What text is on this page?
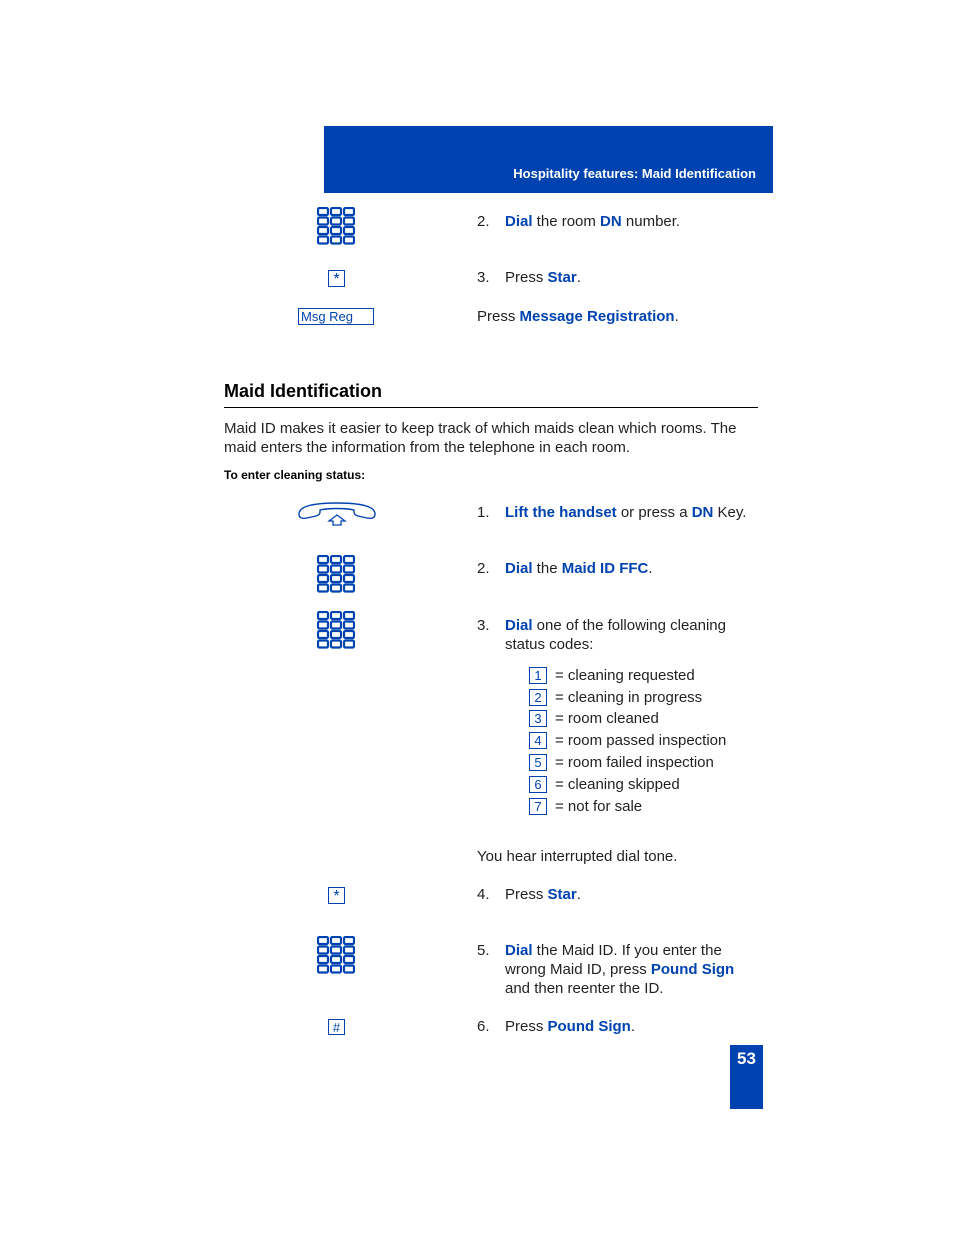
Hospitality features: Maid Identification
2. Dial the room DN number.
*	3. Press Star.
Msg Reg	Press Message Registration.
Maid Identification
Maid ID makes it easier to keep track of which maids clean which rooms. The maid enters the information from the telephone in each room.
To enter cleaning status:
1. Lift the handset or press a DN Key.
2. Dial the Maid ID FFC.
3. Dial one of the following cleaning status codes:
1 = cleaning requested
2 = cleaning in progress
3 = room cleaned
4 = room passed inspection
5 = room failed inspection
6 = cleaning skipped
7 = not for sale
You hear interrupted dial tone.
*	4. Press Star.
5. Dial the Maid ID. If you enter the wrong Maid ID, press Pound Sign and then reenter the ID.
#	6. Press Pound Sign.
53
